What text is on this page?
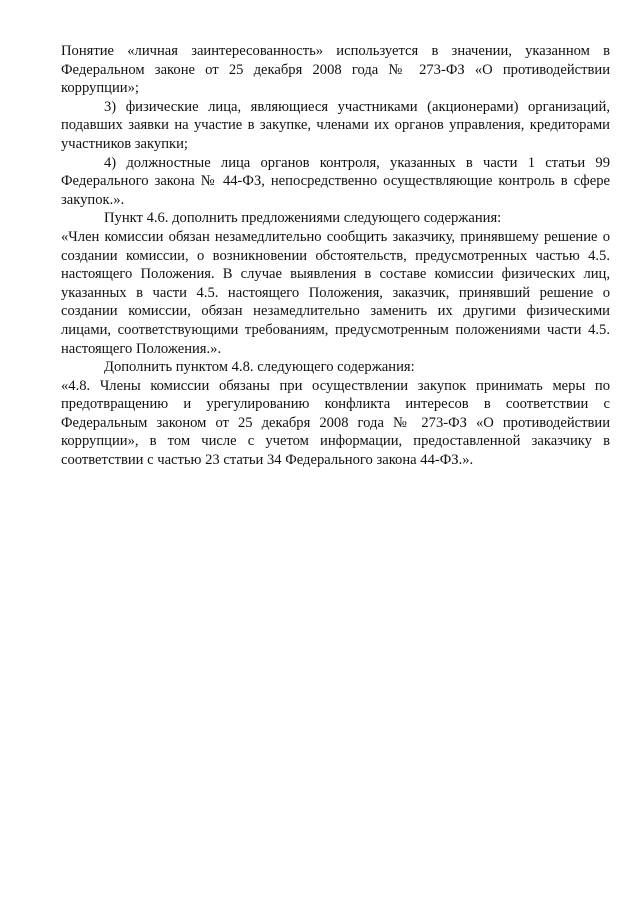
Понятие «личная заинтересованность» используется в значении, указанном в Федеральном законе от 25 декабря 2008 года № 273-ФЗ «О противодействии коррупции»;

3) физические лица, являющиеся участниками (акционерами) организаций, подавших заявки на участие в закупке, членами их органов управления, кредиторами участников закупки;

4) должностные лица органов контроля, указанных в части 1 статьи 99 Федерального закона № 44-ФЗ, непосредственно осуществляющие контроль в сфере закупок.».

Пункт 4.6. дополнить предложениями следующего содержания:

«Член комиссии обязан незамедлительно сообщить заказчику, принявшему решение о создании комиссии, о возникновении обстоятельств, предусмотренных частью 4.5. настоящего Положения. В случае выявления в составе комиссии физических лиц, указанных в части 4.5. настоящего Положения, заказчик, принявший решение о создании комиссии, обязан незамедлительно заменить их другими физическими лицами, соответствующими требованиям, предусмотренным положениями части 4.5. настоящего Положения.».

Дополнить пунктом 4.8. следующего содержания:

«4.8. Члены комиссии обязаны при осуществлении закупок принимать меры по предотвращению и урегулированию конфликта интересов в соответствии с Федеральным законом от 25 декабря 2008 года № 273-ФЗ «О противодействии коррупции», в том числе с учетом информации, предоставленной заказчику в соответствии с частью 23 статьи 34 Федерального закона 44-ФЗ.».
